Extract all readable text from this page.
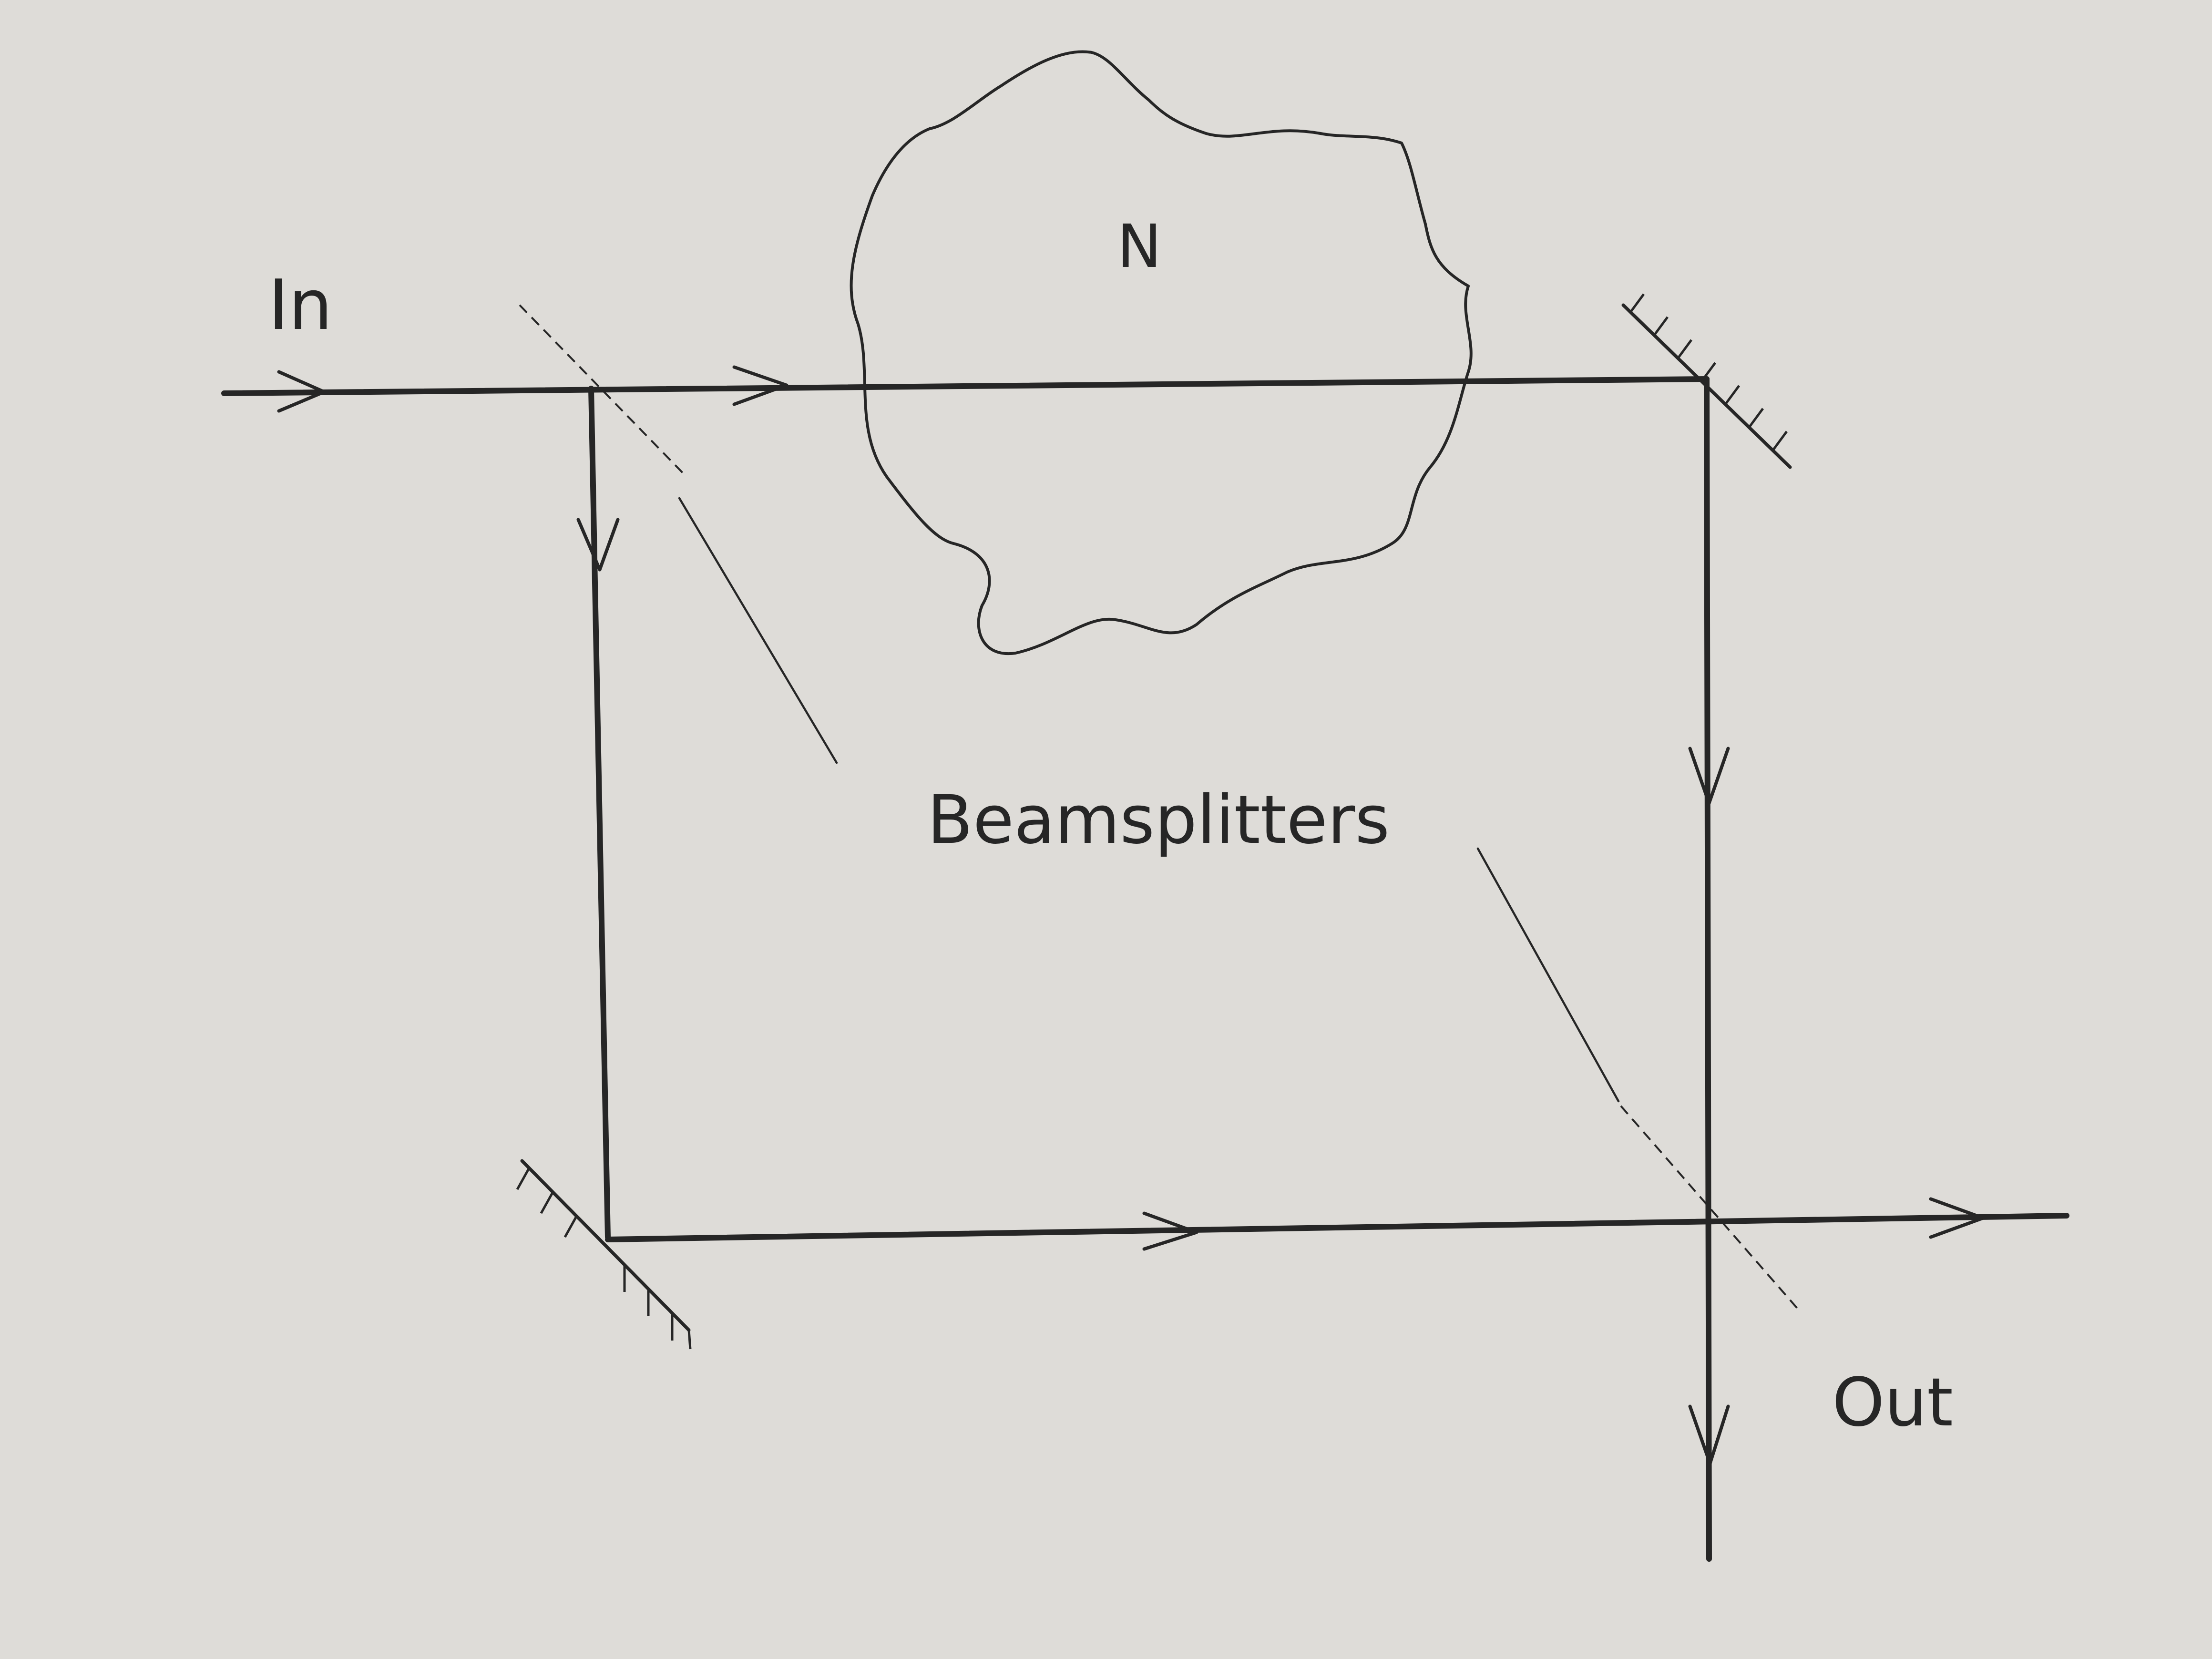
N
In
Beamsplitters
Out
